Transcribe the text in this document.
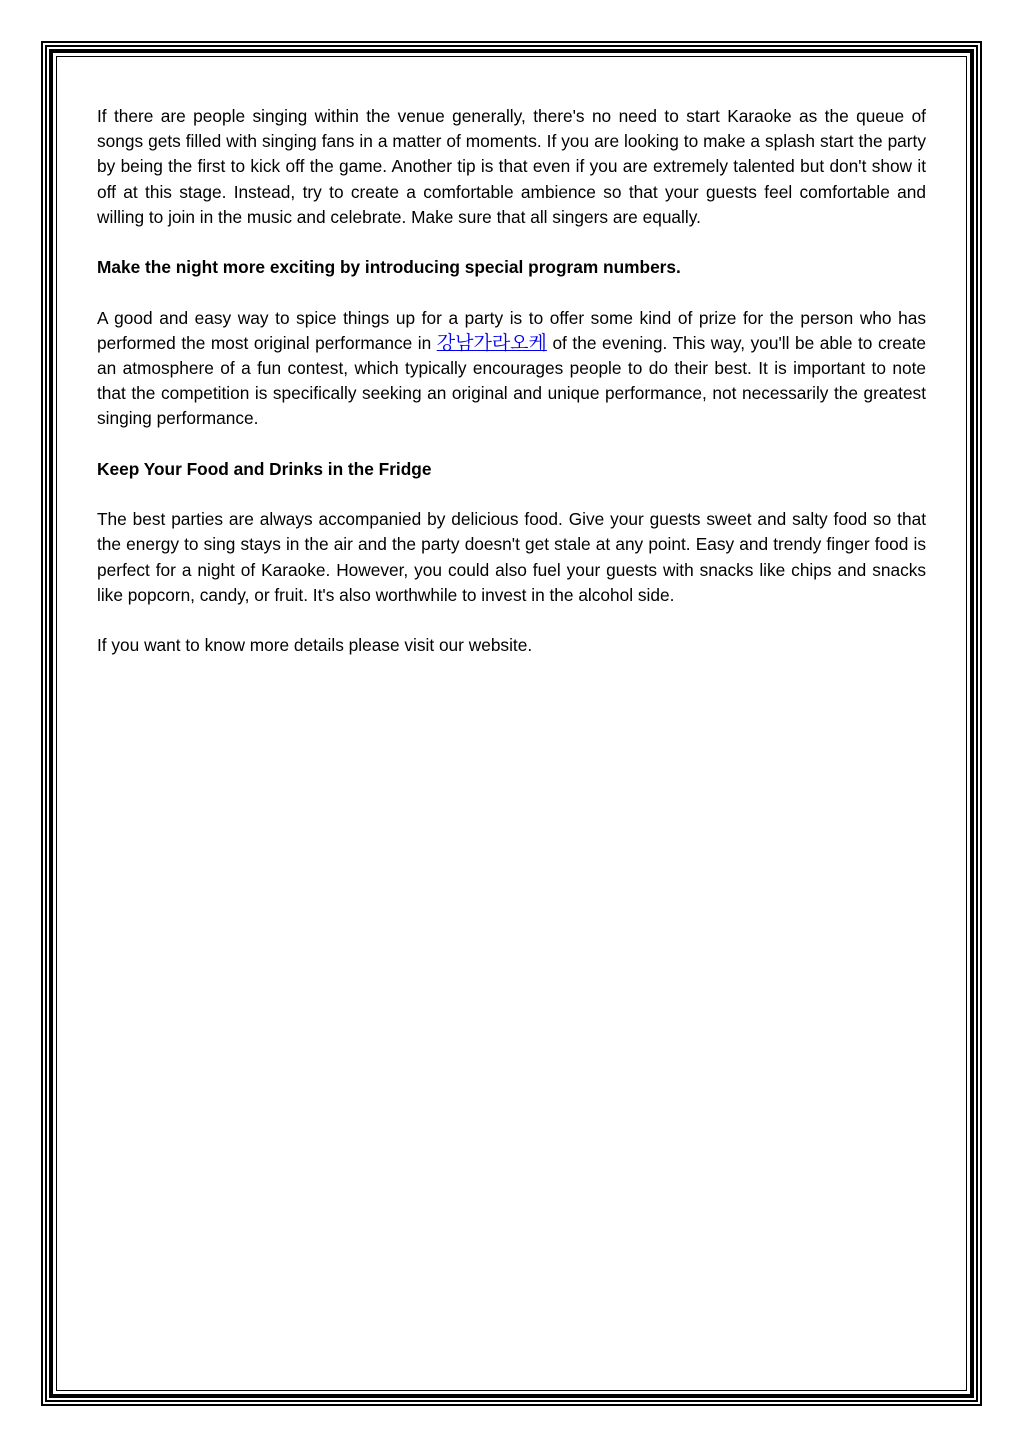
If there are people singing within the venue generally, there's no need to start Karaoke as the queue of songs gets filled with singing fans in a matter of moments. If you are looking to make a splash start the party by being the first to kick off the game. Another tip is that even if you are extremely talented but don't show it off at this stage. Instead, try to create a comfortable ambience so that your guests feel comfortable and willing to join in the music and celebrate. Make sure that all singers are equally.

Make the night more exciting by introducing special program numbers.

A good and easy way to spice things up for a party is to offer some kind of prize for the person who has performed the most original performance in 강남가라오케 of the evening. This way, you'll be able to create an atmosphere of a fun contest, which typically encourages people to do their best. It is important to note that the competition is specifically seeking an original and unique performance, not necessarily the greatest singing performance.

Keep Your Food and Drinks in the Fridge

The best parties are always accompanied by delicious food. Give your guests sweet and salty food so that the energy to sing stays in the air and the party doesn't get stale at any point. Easy and trendy finger food is perfect for a night of Karaoke. However, you could also fuel your guests with snacks like chips and snacks like popcorn, candy, or fruit. It's also worthwhile to invest in the alcohol side.

If you want to know more details please visit our website.
